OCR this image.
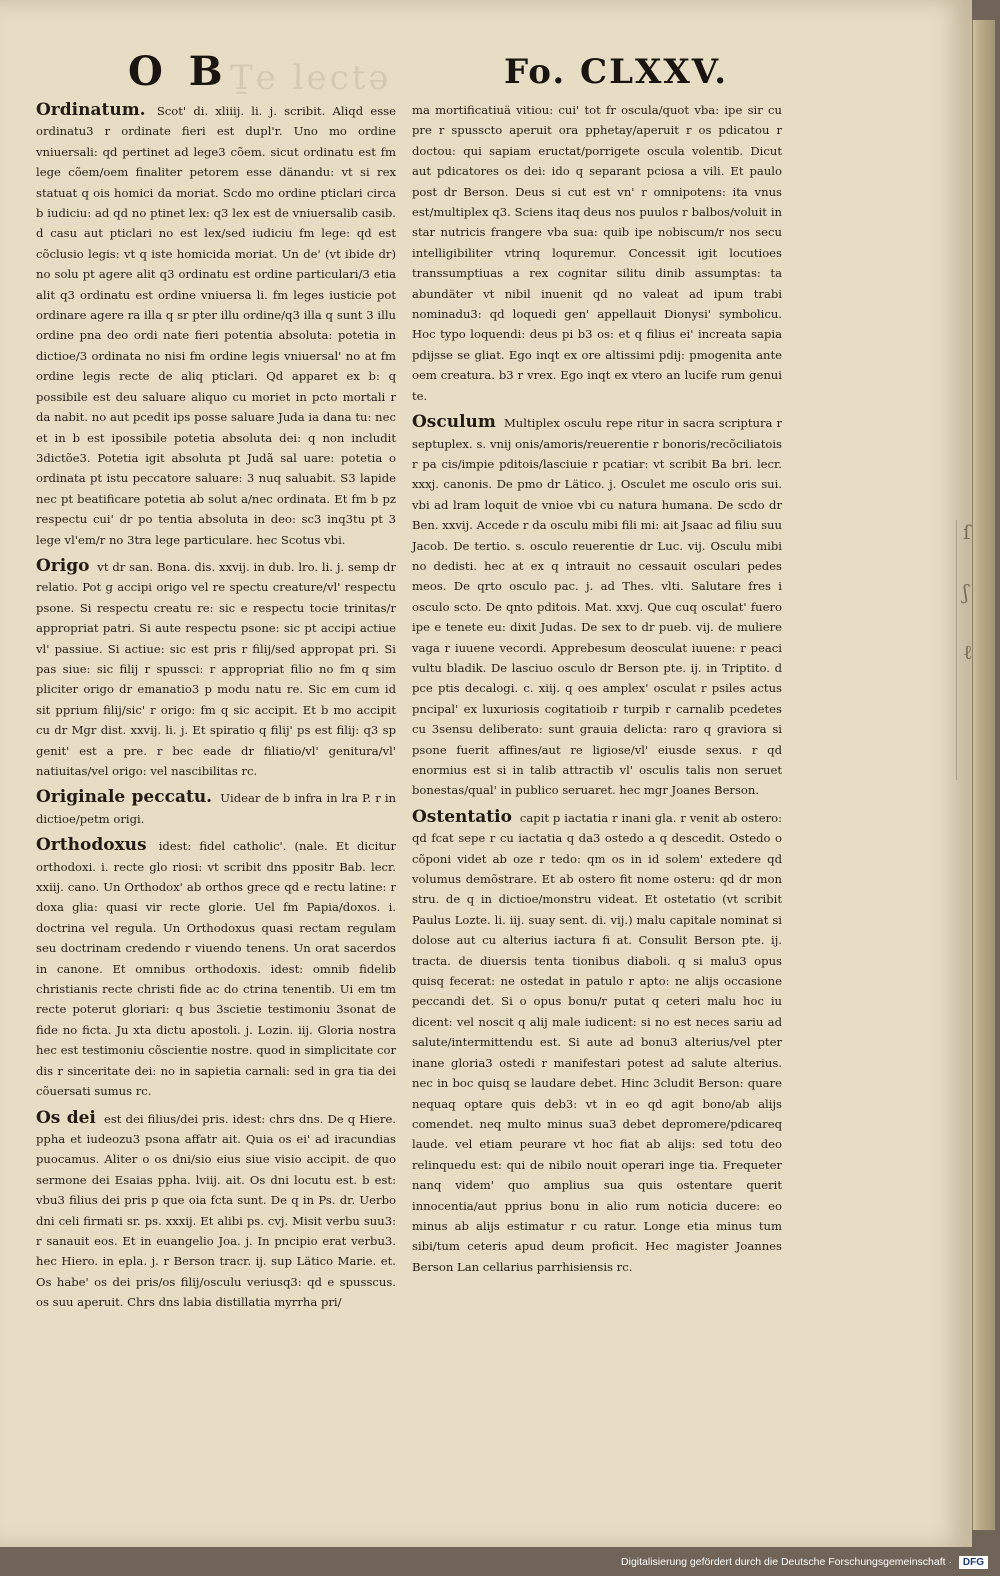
Ṯe lectǝ
O B	Fo. CLXXV.

Ordinatum. Scot' di. xliiij. li. j. scribit. Aliqd esse ordinatu3 r ordinate fieri est dupl'r. Uno mo ordine vniuersali: qd pertinet ad lege3 cõem. sicut ordinatu est fm lege cõem/oem finaliter petorem esse dänandu: vt si rex statuat q ois homici da moriat. Scdo mo ordine pticlari circa b iudiciu: ad qd no ptinet lex: q3 lex est de vniuersalib casib. d casu aut pticlari no est lex/sed iudiciu fm lege: qd est cõclusio legis: vt q iste homicida moriat. Un de' (vt ibide dr) no solu pt agere alit q3 ordinatu est ordine particulari/3 etia alit q3 ordinatu est ordine vniuersa li. fm leges iusticie pot ordinare agere ra illa q sr pter illu ordine/q3 illa q sunt 3 illu ordine pna deo ordi nate fieri potentia absoluta: potetia in dictioe/3 ordinata no nisi fm ordine legis vniuersal' no at fm ordine legis recte de aliq pticlari. Qd apparet ex b: q possibile est deu saluare aliquo cu moriet in pcto mortali r da nabit. no aut pcedit ips posse saluare Juda ia dana tu: nec et in b est ipossibile potetia absoluta dei: q non includit 3dictõe3. Potetia igit absoluta pt Judã sal uare: potetia o ordinata pt istu peccatore saluare: 3 nuq saluabit. S3 lapide nec pt beatificare potetia ab solut a/nec ordinata. Et fm b pz respectu cui' dr po tentia absoluta in deo: sc3 inq3tu pt 3 lege vl'em/r no 3tra lege particulare. hec Scotus vbi.

Origo vt dr san. Bona. dis. xxvij. in dub. lro. li. j. semp dr relatio. Pot g accipi origo vel re spectu creature/vl' respectu psone. Si respectu creatu re: sic e respectu tocie trinitas/r appropriat patri. Si aute respectu psone: sic pt accipi actiue vl' passiue. Si actiue: sic est pris r filij/sed appropat pri. Si pas siue: sic filij r spussci: r appropriat filio no fm q sim pliciter origo dr emanatio3 p modu natu re. Sic em cum id sit pprium filij/sic' r origo: fm q sic accipit. Et b mo accipit cu dr Mgr dist. xxvij. li. j. Et spiratio q filij' ps est filij: q3 sp genit' est a pre. r bec eade dr filiatio/vl' genitura/vl' natiuitas/vel origo: vel nascibilitas rc.

Originale peccatu. Uidear de b infra in lra P. r in dictioe/petm origi.

Orthodoxus idest: fidel catholic'. (nale. Et dicitur orthodoxi. i. recte glo riosi: vt scribit dns ppositr Bab. lecr. xxiij. cano. Un Orthodox' ab orthos grece qd e rectu latine: r doxa glia: quasi vir recte glorie. Uel fm Papia/doxos. i. doctrina vel regula. Un Orthodoxus quasi rectam regulam seu doctrinam credendo r viuendo tenens. Un orat sacerdos in canone. Et omnibus orthodoxis. idest: omnib fidelib christianis recte christi fide ac do ctrina tenentib. Ui em tm recte poterut gloriari: q bus 3scietie testimoniu 3sonat de fide no ficta. Ju xta dictu apostoli. j. Lozin. iij. Gloria nostra hec est testimoniu cõscientie nostre. quod in simplicitate cor dis r sinceritate dei: no in sapietia carnali: sed in gra tia dei cõuersati sumus rc.

Os dei est dei filius/dei pris. idest: chrs dns. De q Hiere. ppha et iudeozu3 psona affatr ait. Quia os ei' ad iracundias puocamus. Aliter o os dni/sio eius siue visio accipit. de quo sermone dei Esaias ppha. lviij. ait. Os dni locutu est. b est: vbu3 filius dei pris p que oia fcta sunt. De q in Ps. dr. Uerbo dni celi firmati sr. ps. xxxij. Et alibi ps. cvj. Misit verbu suu3: r sanauit eos. Et in euangelio Joa. j. In pncipio erat verbu3. hec Hiero. in epla. j. r Berson tracr. ij. sup Lätico Marie. et. Os habe' os dei pris/os filij/osculu veriusq3: qd e spusscus. os suu aperuit. Chrs dns labia distillatia myrrha pri/

ma mortificatiuä vitiou: cui' tot fr oscula/quot vba: ipe sir cu pre r spusscto aperuit ora pphetay/aperuit r os pdicatou r doctou: qui sapiam eructat/porrigete oscula volentib. Dicut aut pdicatores os dei: ido q separant pciosa a vili. Et paulo post dr Berson. Deus si cut est vn' r omnipotens: ita vnus est/multiplex q3. Sciens itaq deus nos puulos r balbos/voluit in star nutricis frangere vba sua: quib ipe nobiscum/r nos secu intelligibiliter vtrinq loquremur. Concessit igit locutioes transsumptiuas a rex cognitar silitu dinib assumptas: ta abundäter vt nibil inuenit qd no valeat ad ipum trabi nominadu3: qd loquedi gen' appellauit Dionysi' symbolicu. Hoc typo loquendi: deus pi b3 os: et q filius ei' increata sapia pdijsse se gliat. Ego inqt ex ore altissimi pdij: pmogenita ante oem creatura. b3 r vrex. Ego inqt ex vtero an lucife rum genui te.

Osculum Multiplex osculu repe ritur in sacra scriptura r septuplex. s. vnij onis/amoris/reuerentie r bonoris/recõciliatois r pa cis/impie pditois/lasciuie r pcatiar: vt scribit Ba bri. lecr. xxxj. canonis. De pmo dr Lätico. j. Osculet me osculo oris sui. vbi ad lram loquit de vnioe vbi cu natura humana. De scdo dr Ben. xxvij. Accede r da osculu mibi fili mi: ait Jsaac ad filiu suu Jacob. De tertio. s. osculo reuerentie dr Luc. vij. Osculu mibi no dedisti. hec at ex q intrauit no cessauit osculari pedes meos. De qrto osculo pac. j. ad Thes. vlti. Salutare fres i osculo scto. De qnto pditois. Mat. xxvj. Que cuq osculat' fuero ipe e tenete eu: dixit Judas. De sex to dr pueb. vij. de muliere vaga r iuuene vecordi. Apprebesum deosculat iuuene: r peaci vultu bladik. De lasciuo osculo dr Berson pte. ij. in Triptito. d pce ptis decalogi. c. xiij. q oes amplex' osculat r psiles actus pncipal' ex luxuriosis cogitatioib r turpib r carnalib pcedetes cu 3sensu deliberato: sunt grauia delicta: raro q graviora si psone fuerit affines/aut re ligiose/vl' eiusde sexus. r qd enormius est si in talib attractib vl' osculis talis non seruet bonestas/qual' in publico seruaret. hec mgr Joanes Berson.

Ostentatio capit p iactatia r inani gla. r venit ab ostero: qd fcat sepe r cu iactatia q da3 ostedo a q descedit. Ostedo o cõponi videt ab oze r tedo: qm os in id solem' extedere qd volumus demõstrare. Et ab ostero fit nome osteru: qd dr mon stru. de q in dictioe/monstru videat. Et ostetatio (vt scribit Paulus Lozte. li. iij. suay sent. di. vij.) malu capitale nominat si dolose aut cu alterius iactura fi at. Consulit Berson pte. ij. tracta. de diuersis tenta tionibus diaboli. q si malu3 opus quisq fecerat: ne ostedat in patulo r apto: ne alijs occasione peccandi det. Si o opus bonu/r putat q ceteri malu hoc iu dicent: vel noscit q alij male iudicent: si no est neces sariu ad salute/intermittendu est. Si aute ad bonu3 alterius/vel pter inane gloria3 ostedi r manifestari potest ad salute alterius. nec in boc quisq se laudare debet. Hinc 3cludit Berson: quare nequaq optare quis deb3: vt in eo qd agit bono/ab alijs comendet. neq multo minus sua3 debet depromere/pdicareq laude. vel etiam peurare vt hoc fiat ab alijs: sed totu deo relinquedu est: qui de nibilo nouit operari inge tia. Frequeter nanq videm' quo amplius sua quis ostentare querit innocentia/aut pprius bonu in alio rum noticia ducere: eo minus ab alijs estimatur r cu ratur. Longe etia minus tum sibi/tum ceteris apud deum proficit. Hec magister Joannes Berson Lan cellarius parrhisiensis rc.

ſ
ʃ
ℓ
Digitalisierung gefördert durch die Deutsche Forschungsgemeinschaft · DFG
